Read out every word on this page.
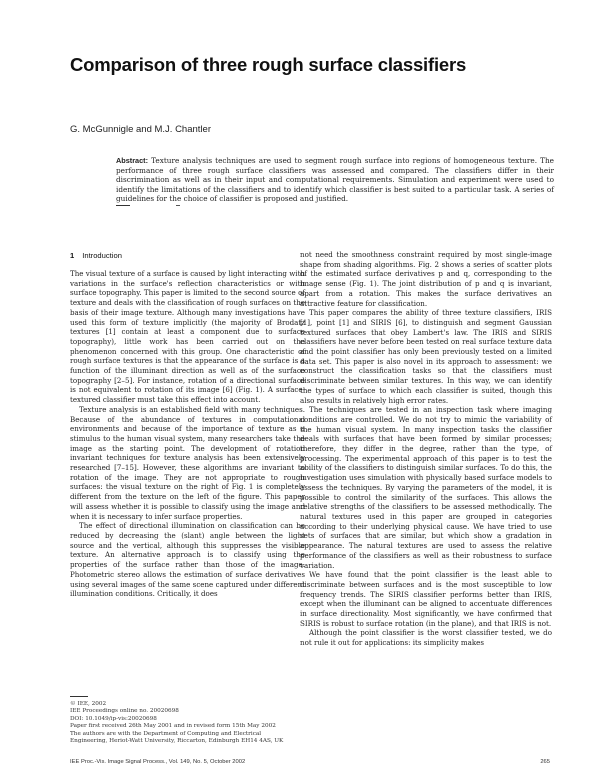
Comparison of three rough surface classifiers
G. McGunnigle and M.J. Chantler
Abstract: Texture analysis techniques are used to segment rough surface into regions of homogeneous texture. The performance of three rough surface classifiers was assessed and compared. The classifiers differ in their discrimination as well as in their input and computational requirements. Simulation and experiment were used to identify the limitations of the classifiers and to identify which classifier is best suited to a particular task. A series of guidelines for the choice of classifier is proposed and justified.
1 Introduction

The visual texture of a surface is caused by light interacting with variations in the surface's reflection characteristics or with surface topography. This paper is limited to the second source of texture and deals with the classification of rough surfaces on the basis of their image texture. Although many investigations have used this form of texture implicitly (the majority of Brodatz textures [1] contain at least a component due to surface topography), little work has been carried out on the phenomenon concerned with this group. One characteristic of rough surface textures is that the appearance of the surface is a function of the illuminant direction as well as of the surface topography [2–5]. For instance, rotation of a directional surface is not equivalent to rotation of its image [6] (Fig. 1). A surface-textured classifier must take this effect into account.

Texture analysis is an established field with many techniques. Because of the abundance of textures in computational environments and because of the importance of texture as a stimulus to the human visual system, many researchers take the image as the starting point. The development of rotation invariant techniques for texture analysis has been extensively researched [7–15]. However, these algorithms are invariant to rotation of the image. They are not appropriate to rough surfaces: the visual texture on the right of Fig. 1 is completely different from the texture on the left of the figure. This paper will assess whether it is possible to classify using the image and when it is necessary to infer surface properties.

The effect of directional illumination on classification can be reduced by decreasing the (slant) angle between the light source and the vertical, although this suppresses the visible texture. An alternative approach is to classify using the properties of the surface rather than those of the image. Photometric stereo allows the estimation of surface derivatives using several images of the same scene captured under different illumination conditions. Critically, it does

not need the smoothness constraint required by most single-image shape from shading algorithms. Fig. 2 shows a series of scatter plots of the estimated surface derivatives p and q, corresponding to the image sense (Fig. 1). The joint distribution of p and q is invariant, apart from a rotation. This makes the surface derivatives an attractive feature for classification.

This paper compares the ability of three texture classifiers, IRIS [1], point [1] and SIRIS [6], to distinguish and segment Gaussian textured surfaces that obey Lambert's law. The IRIS and SIRIS classifiers have never before been tested on real surface texture data and the point classifier has only been previously tested on a limited data set. This paper is also novel in its approach to assessment: we construct the classification tasks so that the classifiers must discriminate between similar textures. In this way, we can identify the types of surface to which each classifier is suited, though this also results in relatively high error rates.

The techniques are tested in an inspection task where imaging conditions are controlled. We do not try to mimic the variability of the human visual system. In many inspection tasks the classifier deals with surfaces that have been formed by similar processes; therefore, they differ in the degree, rather than the type, of processing. The experimental approach of this paper is to test the ability of the classifiers to distinguish similar surfaces. To do this, the investigation uses simulation with physically based surface models to assess the techniques. By varying the parameters of the model, it is possible to control the similarity of the surfaces. This allows the relative strengths of the classifiers to be assessed methodically. The natural textures used in this paper are grouped in categories according to their underlying physical cause. We have tried to use sets of surfaces that are similar, but which show a gradation in appearance. The natural textures are used to assess the relative performance of the classifiers as well as their robustness to surface variation.

We have found that the point classifier is the least able to discriminate between surfaces and is the most susceptible to low frequency trends. The SIRIS classifier performs better than IRIS, except when the illuminant can be aligned to accentuate differences in surface directionality. Most significantly, we have confirmed that SIRIS is robust to surface rotation (in the plane), and that IRIS is not.

Although the point classifier is the worst classifier tested, we do not rule it out for applications: its simplicity makes

© IEE, 2002
IEE Proceedings online no. 20020698
DOI: 10.1049/ip-vis:20020698
Paper first received 26th May 2001 and in revised form 15th May 2002
The authors are with the Department of Computing and Electrical
Engineering, Heriot-Watt University, Riccarton, Edinburgh EH14 4AS, UK
IEE Proc.-Vis. Image Signal Process., Vol. 149, No. 5, October 2002	265
